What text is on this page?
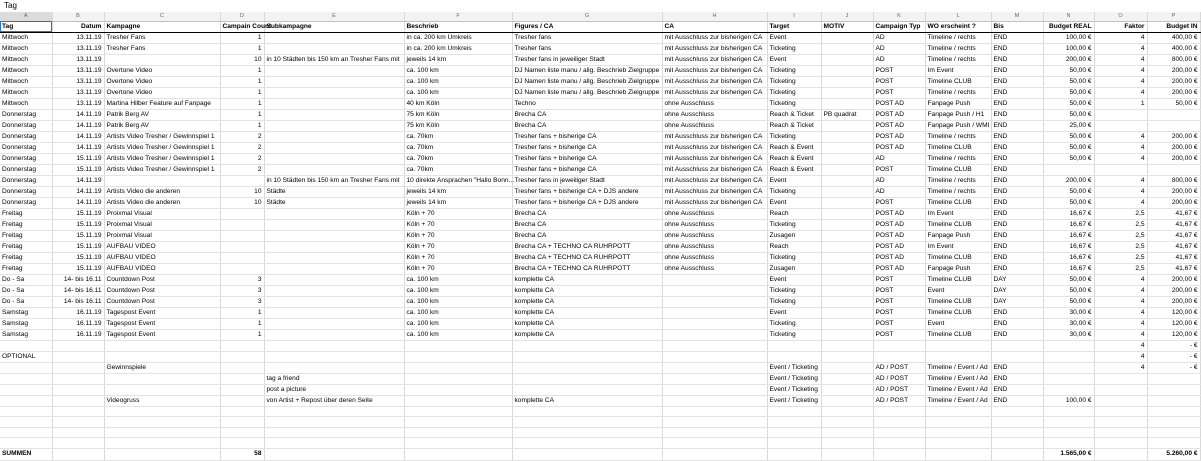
Tag
A	B	C	D	E	F	G	H	I	J	K	L	M	N	O	P
Tag	Datum	Kampagne	Campain Count	Subkampagne	Beschrieb	Figures / CA	CA	Target	MOTIV	Campaign Typ	WO erscheint ?	Bis	Budget REAL	Faktor	Budget IN
Mittwoch	13.11.19	Tresher Fans	1		in ca. 200 km Umkreis	Tresher fans	mit Ausschluss zur bisherigen CA	Event		AD	Timeline / rechts	END	100,00 €	4	400,00 €
Mittwoch	13.11.19	Tresher Fans	1		in ca. 200 km Umkreis	Tresher fans	mit Ausschluss zur bisherigen CA	Ticketing		AD	Timeline / rechts	END	100,00 €	4	400,00 €
Mittwoch	13.11.19		10	in 10 Städten bis 150 km an Tresher Fans mit	jeweils 14 km	Tresher fans in jeweiliger Stadt	mit Ausschluss zur bisherigen CA	Event		AD	Timeline / rechts	END	200,00 €	4	800,00 €
Mittwoch	13.11.19	Overtone Video	1		ca. 100 km	DJ Namen liste manu / allg. Beschrieb Zielgruppe	mit Ausschluss zur bisherigen CA	Ticketing		POST	Im Event	END	50,00 €	4	200,00 €
Mittwoch	13.11.19	Overtone Video	1		ca. 100 km	DJ Namen liste manu / allg. Beschrieb Zielgruppe	mit Ausschluss zur bisherigen CA	Ticketing		POST	Timeline CLUB	END	50,00 €	4	200,00 €
Mittwoch	13.11.19	Overtone Video	1		ca. 100 km	DJ Namen liste manu / allg. Beschrieb Zielgruppe	mit Ausschluss zur bisherigen CA	Ticketing		POST	Timeline / rechts	END	50,00 €	4	200,00 €
Mittwoch	13.11.19	Martina Hilber Feature auf Fanpage	1		40 km Köln	Techno	ohne Ausschluss	Ticketing		POST AD	Fanpage Push	END	50,00 €	1	50,00 €
Donnerstag	14.11.19	Patrik Berg AV	1		75 km Köln	Brecha CA	ohne Ausschluss	Reach & Ticket	PB quadrat	POST AD	Fanpage Push / H1	END	50,00 €		
Donnerstag	14.11.19	Patrik Berg AV	1		75 km Köln	Brecha CA	ohne Ausschluss	Reach & Ticket		POST AD	Fanpage Push / WMI	END	25,00 €		
Donnerstag	14.11.19	Artists Video Tresher / Gewinnspiel 1	2		ca. 70km	Tresher fans + bisherige CA	mit Ausschluss zur bisherigen CA	Ticketing		POST AD	Timeline / rechts	END	50,00 €	4	200,00 €
Donnerstag	14.11.19	Artists Video Tresher / Gewinnspiel 1	2		ca. 70km	Tresher fans + bisherige CA	mit Ausschluss zur bisherigen CA	Reach & Event		POST AD	Timeline CLUB	END	50,00 €	4	200,00 €
Donnerstag	15.11.19	Artists Video Tresher / Gewinnspiel 1	2		ca. 70km	Tresher fans + bisherige CA	mit Ausschluss zur bisherigen CA	Reach & Event		AD	Timeline / rechts	END	50,00 €	4	200,00 €
Donnerstag	15.11.19	Artists Video Tresher / Gewinnspiel 1	2		ca. 70km	Tresher fans + bisherige CA	mit Ausschluss zur bisherigen CA	Reach & Event		POST	Timeline CLUB	END			
Donnerstag	14.11.19			in 10 Städten bis 150 km an Tresher Fans mit	10 direkte Ansprachen "Hallo Bonn...	Tresher fans in jeweiliger Stadt	mit Ausschluss zur bisherigen CA	Event		AD	Timeline / rechts	END	200,00 €	4	800,00 €
Donnerstag	14.11.19	Artists Video die anderen	10	Städte	jeweils 14 km	Tresher fans + bisherige CA + DJS andere	mit Ausschluss zur bisherigen CA	Ticketing		AD	Timeline / rechts	END	50,00 €	4	200,00 €
Donnerstag	14.11.19	Artists Video die anderen	10	Städte	jeweils 14 km	Tresher fans + bisherige CA + DJS andere	mit Ausschluss zur bisherigen CA	Event		POST	Timeline CLUB	END	50,00 €	4	200,00 €
Freitag	15.11.19	Proixmal Visual			Köln + 70	Brecha CA	ohne Ausschluss	Reach		POST AD	Im Event	END	16,67 €	2,5	41,67 €
Freitag	15.11.19	Proixmal Visual			Köln + 70	Brecha CA	ohne Ausschluss	Ticketing		POST AD	Timeline CLUB	END	16,67 €	2,5	41,67 €
Freitag	15.11.19	Proixmal Visual			Köln + 70	Brecha CA	ohne Ausschluss	Zusagen		POST AD	Fanpage Push	END	16,67 €	2,5	41,67 €
Freitag	15.11.19	AUFBAU VIDEO			Köln + 70	Brecha CA + TECHNO CA RUHRPOTT	ohne Ausschluss	Reach		POST AD	Im Event	END	16,67 €	2,5	41,67 €
Freitag	15.11.19	AUFBAU VIDEO			Köln + 70	Brecha CA + TECHNO CA RUHRPOTT	ohne Ausschluss	Ticketing		POST AD	Timeline CLUB	END	16,67 €	2,5	41,67 €
Freitag	15.11.19	AUFBAU VIDEO			Köln + 70	Brecha CA + TECHNO CA RUHRPOTT	ohne Ausschluss	Zusagen		POST AD	Fanpage Push	END	16,67 €	2,5	41,67 €
Do - Sa	14- bis 16.11	Countdown Post	3		ca. 100 km	komplette CA		Event		POST	Timeline CLUB	DAY	50,00 €	4	200,00 €
Do - Sa	14- bis 16.11	Countdown Post	3		ca. 100 km	komplette CA		Ticketing		POST	Event	DAY	50,00 €	4	200,00 €
Do - Sa	14- bis 16.11	Countdown Post	3		ca. 100 km	komplette CA		Ticketing		POST	Timeline CLUB	DAY	50,00 €	4	200,00 €
Samstag	16.11.19	Tagespost Event	1		ca. 100 km	komplette CA		Event		POST	Timeline CLUB	END	30,00 €	4	120,00 €
Samstag	16.11.19	Tagespost Event	1		ca. 100 km	komplette CA		Ticketing		POST	Event	END	30,00 €	4	120,00 €
Samstag	16.11.19	Tagespost Event	1		ca. 100 km	komplette CA		Ticketing		POST	Timeline CLUB	END	30,00 €	4	120,00 €
														4	- €
OPTIONAL														4	- €
		Gewinnspiele						Event / Ticketing		AD / POST	Timeline / Event / Ad	END		4	- €
				tag a friend				Event / Ticketing		AD / POST	Timeline / Event / Ad	END			
				post a picture				Event / Ticketing		AD / POST	Timeline / Event / Ad	END			
		Videogruss		von Artist + Repost über deren Seite		komplette CA		Event / Ticketing		AD / POST	Timeline / Event / Ad	END	100,00 €		

SUMMEN			58										1.565,00 €		5.260,00 €
